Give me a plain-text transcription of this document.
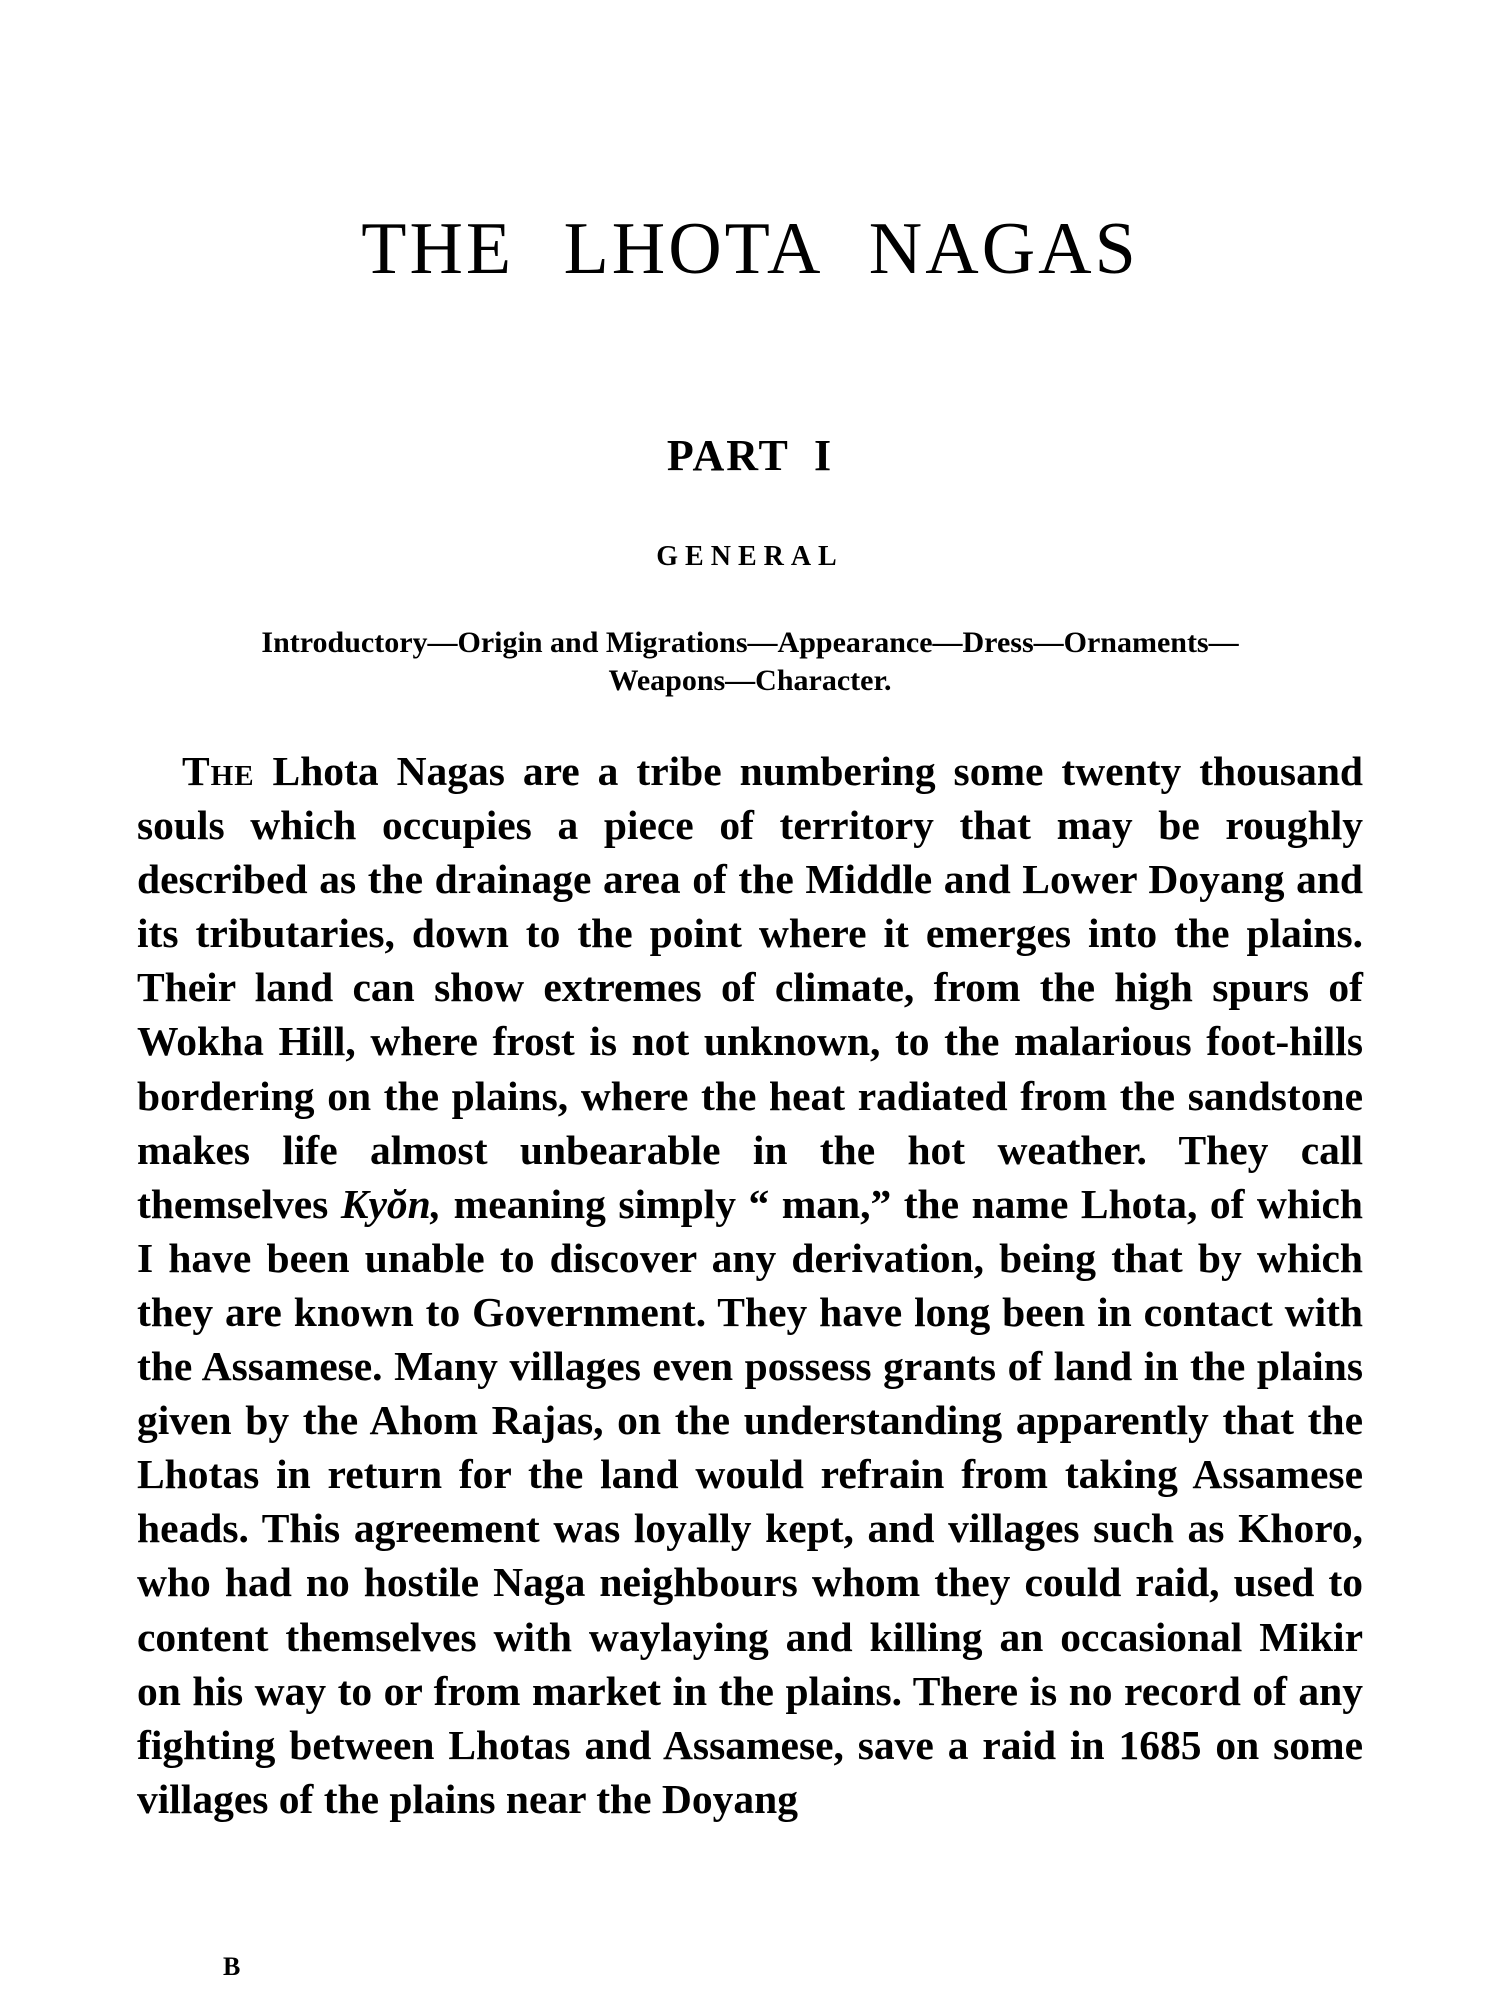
THE LHOTA NAGAS
PART I
GENERAL

Introductory—Origin and Migrations—Appearance—Dress—Ornaments—
Weapons—Character.

The Lhota Nagas are a tribe numbering some twenty thousand souls which occupies a piece of territory that may be roughly described as the drainage area of the Middle and Lower Doyang and its tributaries, down to the point where it emerges into the plains. Their land can show extremes of climate, from the high spurs of Wokha Hill, where frost is not unknown, to the malarious foot-hills bordering on the plains, where the heat radiated from the sandstone makes life almost unbearable in the hot weather. They call themselves Kyŏn, meaning simply “ man,” the name Lhota, of which I have been unable to discover any derivation, being that by which they are known to Government. They have long been in contact with the Assamese. Many villages even possess grants of land in the plains given by the Ahom Rajas, on the understanding apparently that the Lhotas in return for the land would refrain from taking Assamese heads. This agreement was loyally kept, and villages such as Khoro, who had no hostile Naga neighbours whom they could raid, used to content themselves with waylaying and killing an occasional Mikir on his way to or from market in the plains. There is no record of any fighting between Lhotas and Assamese, save a raid in 1685 on some villages of the plains near the Doyang

B
